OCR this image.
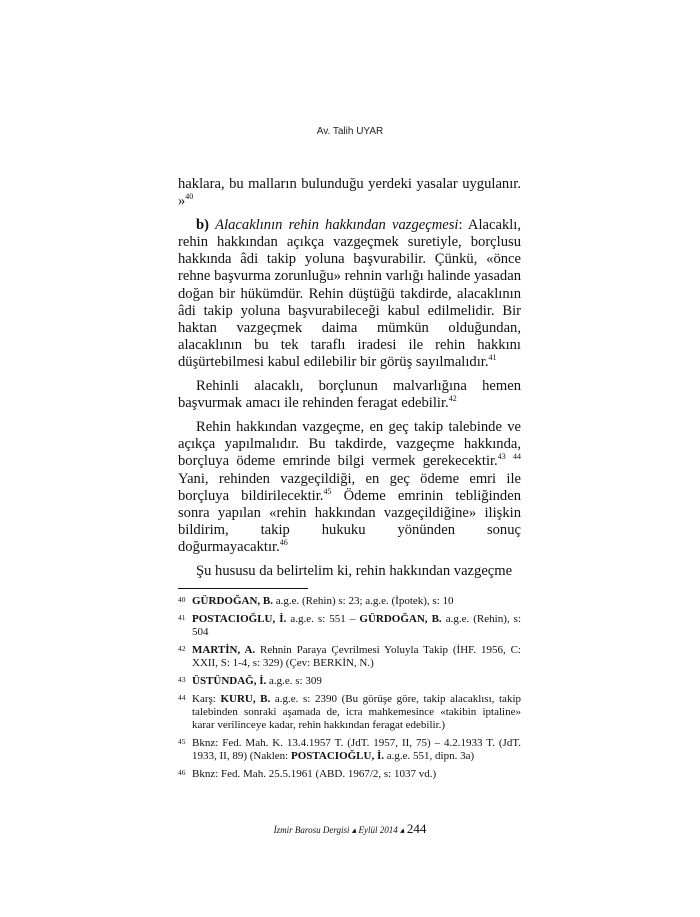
Av. Talih UYAR

haklara, bu malların bulunduğu yerdeki yasalar uygulanır. »$^{40}$

b) Alacaklının rehin hakkından vazgeçmesi: Alacaklı, rehin hakkından açıkça vazgeçmek suretiyle, borçlusu hakkında âdi takip yoluna başvurabilir. Çünkü, «önce rehne başvurma zorunluğu» rehnin varlığı halinde yasadan doğan bir hükümdür. Rehin düştüğü takdirde, alacaklının âdi takip yoluna başvurabileceği kabul edilmelidir. Bir haktan vazgeçmek daima mümkün olduğundan, alacaklının bu tek taraflı iradesi ile rehin hakkını düşürtebilmesi kabul edilebilir bir görüş sayılmalıdır.$^{41}$

Rehinli alacaklı, borçlunun malvarlığına hemen başvurmak amacı ile rehinden feragat edebilir.$^{42}$

Rehin hakkından vazgeçme, en geç takip talebinde ve açıkça yapılmalıdır. Bu takdirde, vazgeçme hakkında, borçluya ödeme emrinde bilgi vermek gerekecektir.$^{43}$ $^{44}$ Yani, rehinden vazgeçildiği, en geç ödeme emri ile borçluya bildirilecektir.$^{45}$ Ödeme emrinin tebliğinden sonra yapılan «rehin hakkından vazgeçildiğine» ilişkin bildirim, takip hukuku yönünden sonuç doğurmayacaktır.$^{46}$

Şu hususu da belirtelim ki, rehin hakkından vazgeçme

40 GÜRDOĞAN, B. a.g.e. (Rehin) s: 23; a.g.e. (İpotek), s: 10
41 POSTACIOĞLU, İ. a.g.e. s: 551 – GÜRDOĞAN, B. a.g.e. (Rehin), s: 504
42 MARTİN, A. Rehnin Paraya Çevrilmesi Yoluyla Takip (İHF. 1956, C: XXII, S: 1-4, s: 329) (Çev: BERKİN, N.)
43 ÜSTÜNDAĞ, İ. a.g.e. s: 309
44 Karş: KURU, B. a.g.e. s: 2390 (Bu görüşe göre, takip alacaklısı, takip talebinden sonraki aşamada de, icra mahkemesince «takibin iptaline» karar verilinceye kadar, rehin hakkından feragat edebilir.)
45 Bknz: Fed. Mah. K. 13.4.1957 T. (JdT. 1957, II, 75) – 4.2.1933 T. (JdT. 1933, II, 89) (Naklen: POSTACIOĞLU, İ. a.g.e. 551, dipn. 3a)
46 Bknz: Fed. Mah. 25.5.1961 (ABD. 1967/2, s: 1037 vd.)
İzmir Barosu Dergisi ▴ Eylül 2014 ▴ 244
